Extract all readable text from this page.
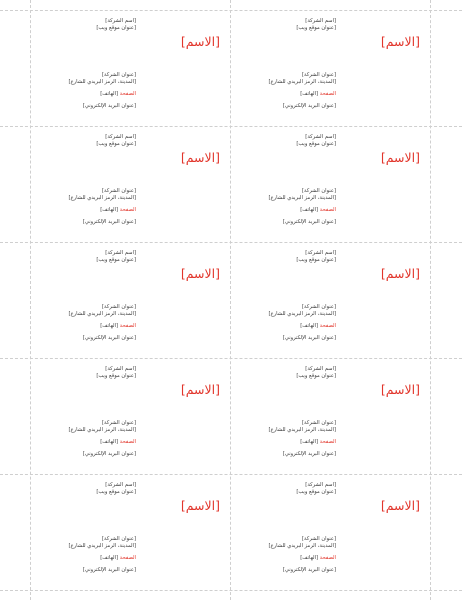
[اسم الشركة]
[عنوان موقع ويب]
[الاسم]
[عنوان الشركة]
[المدينة، الرمز البريدي للشارع]
الصفحة [الهاتف]
[عنوان البريد الإلكتروني]
[اسم الشركة]
[عنوان موقع ويب]
[الاسم]
[عنوان الشركة]
[المدينة، الرمز البريدي للشارع]
الصفحة [الهاتف]
[عنوان البريد الإلكتروني]
[اسم الشركة]
[عنوان موقع ويب]
[الاسم]
[عنوان الشركة]
[المدينة، الرمز البريدي للشارع]
الصفحة [الهاتف]
[عنوان البريد الإلكتروني]
[اسم الشركة]
[عنوان موقع ويب]
[الاسم]
[عنوان الشركة]
[المدينة، الرمز البريدي للشارع]
الصفحة [الهاتف]
[عنوان البريد الإلكتروني]
[اسم الشركة]
[عنوان موقع ويب]
[الاسم]
[عنوان الشركة]
[المدينة، الرمز البريدي للشارع]
الصفحة [الهاتف]
[عنوان البريد الإلكتروني]
[اسم الشركة]
[عنوان موقع ويب]
[الاسم]
[عنوان الشركة]
[المدينة، الرمز البريدي للشارع]
الصفحة [الهاتف]
[عنوان البريد الإلكتروني]
[اسم الشركة]
[عنوان موقع ويب]
[الاسم]
[عنوان الشركة]
[المدينة، الرمز البريدي للشارع]
الصفحة [الهاتف]
[عنوان البريد الإلكتروني]
[اسم الشركة]
[عنوان موقع ويب]
[الاسم]
[عنوان الشركة]
[المدينة، الرمز البريدي للشارع]
الصفحة [الهاتف]
[عنوان البريد الإلكتروني]
[اسم الشركة]
[عنوان موقع ويب]
[الاسم]
[عنوان الشركة]
[المدينة، الرمز البريدي للشارع]
الصفحة [الهاتف]
[عنوان البريد الإلكتروني]
[اسم الشركة]
[عنوان موقع ويب]
[الاسم]
[عنوان الشركة]
[المدينة، الرمز البريدي للشارع]
الصفحة [الهاتف]
[عنوان البريد الإلكتروني]
